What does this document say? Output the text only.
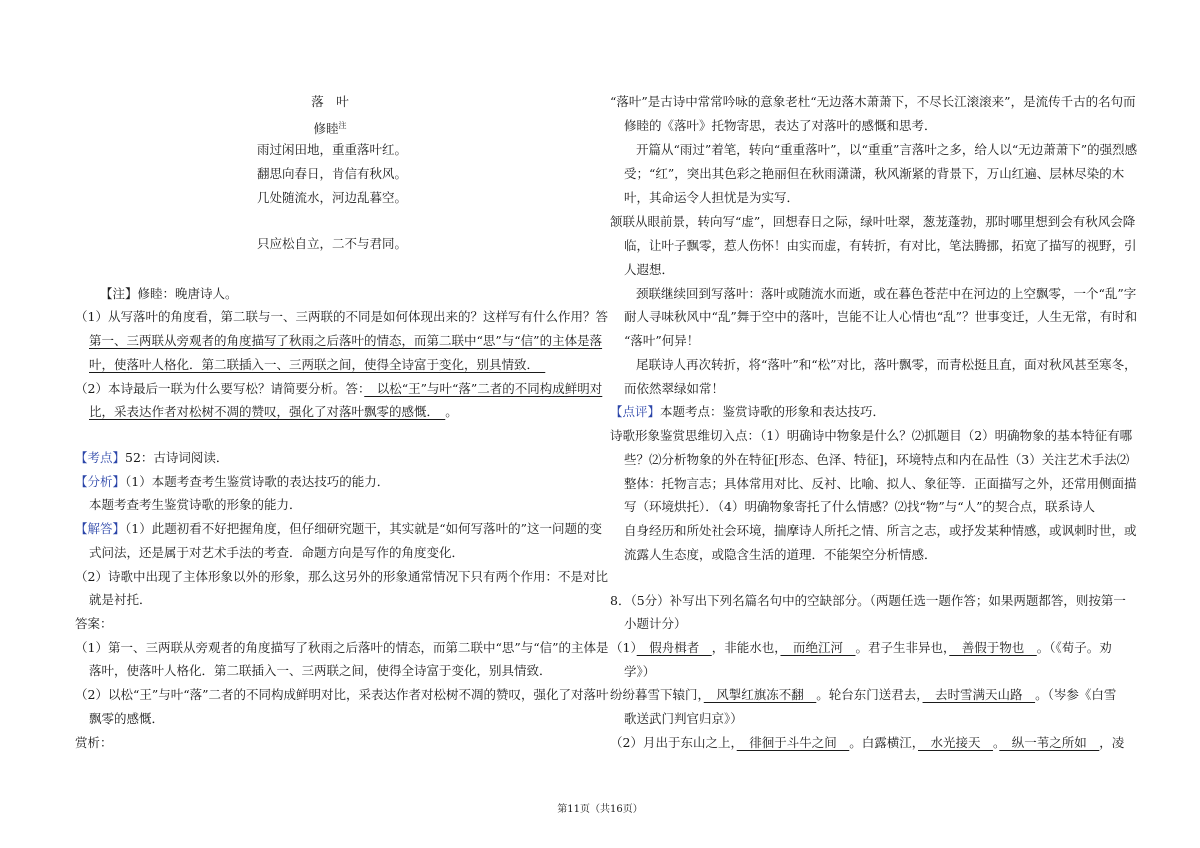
落　叶
修睦$^注$
雨过闲田地，重重落叶红。
翻思向春日，肯信有秋风。
几处随流水，河边乱暮空。
只应松自立，二不与君同。
【注】修睦：晚唐诗人。
（1）从写落叶的角度看，第二联与一、三两联的不同是如何体现出来的？这样写有什么作用？答
第一、三两联从旁观者的角度描写了秋雨之后落叶的情态，而第二联中“思”与“信”的主体是落
叶，使落叶人格化．第二联插入一、三两联之间，使得全诗富于变化，别具情致．　
（2）本诗最后一联为什么要写松？请简要分析。答：　以松“王”与叶“落”二者的不同构成鲜明对
比，采表达作者对松树不凋的赞叹，强化了对落叶飘零的感慨．　。
【考点】52：古诗词阅读．
【分析】（1）本题考查考生鉴赏诗歌的表达技巧的能力．
本题考查考生鉴赏诗歌的形象的能力．
【解答】（1）此题初看不好把握角度，但仔细研究题干，其实就是“如何写落叶的”这一问题的变
式问法，还是属于对艺术手法的考查．命题方向是写作的角度变化．
（2）诗歌中出现了主体形象以外的形象，那么这另外的形象通常情况下只有两个作用：不是对比
就是衬托．
答案：
（1）第一、三两联从旁观者的角度描写了秋雨之后落叶的情态，而第二联中“思”与“信”的主体是
落叶，使落叶人格化．第二联插入一、三两联之间，使得全诗富于变化，别具情致．
（2）以松“王”与叶“落”二者的不同构成鲜明对比，采表达作者对松树不凋的赞叹，强化了对落叶
飘零的感慨．
赏析：
“落叶”是古诗中常常吟咏的意象老杜“无边落木萧萧下，不尽长江滚滚来”，是流传千古的名句而
修睦的《落叶》托物寄思，表达了对落叶的感慨和思考．
开篇从“雨过”着笔，转向“重重落叶”，以“重重”言落叶之多，给人以“无边萧萧下”的强烈感
受；“红”，突出其色彩之艳丽但在秋雨潇潇，秋风渐紧的背景下，万山红遍、层林尽染的木
叶，其命运令人担忧是为实写．
颔联从眼前景，转向写“虚”，回想春日之际，绿叶吐翠，葱茏蓬勃，那时哪里想到会有秋风会降
临，让叶子飘零，惹人伤怀！由实而虚，有转折，有对比，笔法腾挪，拓宽了描写的视野，引
人遐想．
颈联继续回到写落叶：落叶或随流水而逝，或在暮色苍茫中在河边的上空飘零，一个“乱”字
耐人寻味秋风中“乱”舞于空中的落叶，岂能不让人心情也“乱”？世事变迁，人生无常，有时和
“落叶”何异！
尾联诗人再次转折，将“落叶”和“松”对比，落叶飘零，而青松挺且直，面对秋风甚至寒冬，
而依然翠绿如常！
【点评】本题考点：鉴赏诗歌的形象和表达技巧．
诗歌形象鉴赏思维切入点：（1）明确诗中物象是什么？⑵抓题目（2）明确物象的基本特征有哪
些？⑵分析物象的外在特征[形态、色泽、特征]，环境特点和内在品性（3）关注艺术手法⑵
整体：托物言志；具体常用对比、反衬、比喻、拟人、象征等．正面描写之外，还常用侧面描
写（环境烘托）．（4）明确物象寄托了什么情感？⑵找“物”与“人”的契合点，联系诗人
自身经历和所处社会环境，揣摩诗人所托之情、所言之志，或抒发某种情感，或讽刺时世，或
流露人生态度，或隐含生活的道理．不能架空分析情感．
8．（5分）补写出下列名篇名句中的空缺部分。（两题任选一题作答；如果两题都答，则按第一
小题计分）
（1）　假舟楫者　，非能水也，　而绝江河　。君子生非异也，　善假于物也　。（《荀子。劝
学》）
纷纷暮雪下辕门，　风掣红旗冻不翻　。轮台东门送君去，　去时雪满天山路　。（岑参《白雪
歌送武门判官归京》）
（2）月出于东山之上，　徘徊于斗牛之间　。白露横江，　水光接天　。　纵一苇之所如　，凌
第11页（共16页）
